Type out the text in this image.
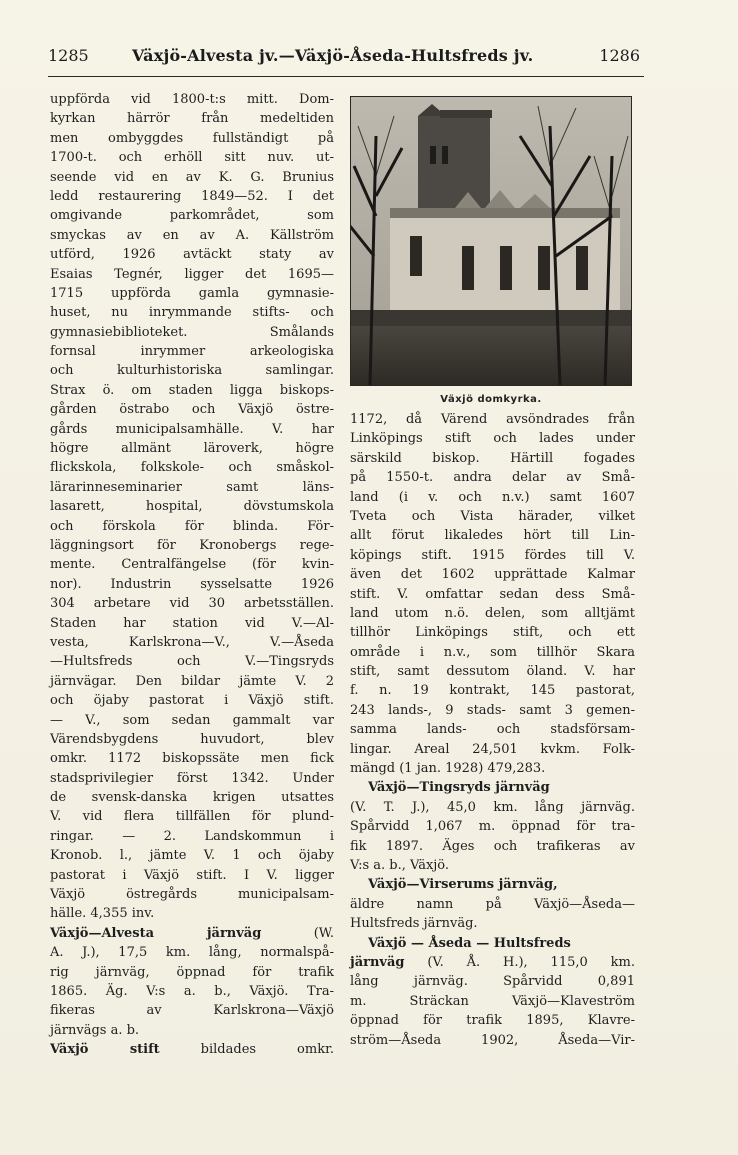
1285	Växjö-Alvesta jv.—Växjö-Åseda-Hultsfreds jv.	1286
uppförda vid 1800-t:s mitt. Dom-
kyrkan härrör från medeltiden
men ombyggdes fullständigt på
1700-t. och erhöll sitt nuv. ut-
seende vid en av K. G. Brunius
ledd restaurering 1849—52. I det
omgivande parkområdet, som
smyckas av en av A. Källström
utförd, 1926 avtäckt staty av
Esaias Tegnér, ligger det 1695—
1715 uppförda gamla gymnasie-
huset, nu inrymmande stifts- och
gymnasiebiblioteket. Smålands
fornsal inrymmer arkeologiska
och kulturhistoriska samlingar.
Strax ö. om staden ligga biskops-
gården östrabo och Växjö östre-
gårds municipalsamhälle. V. har
högre allmänt läroverk, högre
flickskola, folkskole- och småskol-
lärarinneseminarier samt läns-
lasarett, hospital, dövstumskola
och förskola för blinda. För-
läggningsort för Kronobergs rege-
mente. Centralfängelse (för kvin-
nor). Industrin sysselsatte 1926
304 arbetare vid 30 arbetsställen.
Staden har station vid V.—Al-
vesta, Karlskrona—V., V.—Åseda
—Hultsfreds och V.—Tingsryds
järnvägar. Den bildar jämte V. 2
och öjaby pastorat i Växjö stift.
— V., som sedan gammalt var
Värendsbygdens huvudort, blev
omkr. 1172 biskopssäte men fick
stadsprivilegier först 1342. Under
de svensk-danska krigen utsattes
V. vid flera tillfällen för plund-
ringar. — 2. Landskommun i
Kronob. l., jämte V. 1 och öjaby
pastorat i Växjö stift. I V. ligger
Växjö östregårds municipalsam-
hälle. 4,355 inv.
Växjö—Alvesta järnväg (W.
A. J.), 17,5 km. lång, normalspå-
rig järnväg, öppnad för trafik
1865. Äg. V:s a. b., Växjö. Tra-
fikeras av Karlskrona—Växjö
järnvägs a. b.
Växjö stift bildades omkr.
Växjö domkyrka.
1172, då Värend avsöndrades från
Linköpings stift och lades under
särskild biskop. Härtill fogades
på 1550-t. andra delar av Små-
land (i v. och n.v.) samt 1607
Tveta och Vista härader, vilket
allt förut likaledes hört till Lin-
köpings stift. 1915 fördes till V.
även det 1602 upprättade Kalmar
stift. V. omfattar sedan dess Små-
land utom n.ö. delen, som alltjämt
tillhör Linköpings stift, och ett
område i n.v., som tillhör Skara
stift, samt dessutom öland. V. har
f. n. 19 kontrakt, 145 pastorat,
243 lands-, 9 stads- samt 3 gemen-
samma lands- och stadsförsam-
lingar. Areal 24,501 kvkm. Folk-
mängd (1 jan. 1928) 479,283.
Växjö—Tingsryds järnväg
(V. T. J.), 45,0 km. lång järnväg.
Spårvidd 1,067 m. öppnad för tra-
fik 1897. Äges och trafikeras av
V:s a. b., Växjö.
Växjö—Virserums järnväg,
äldre namn på Växjö—Åseda—
Hultsfreds järnväg.
Växjö — Åseda — Hultsfreds
järnväg (V. Å. H.), 115,0 km.
lång järnväg. Spårvidd 0,891
m. Sträckan Växjö—Klaveström
öppnad för trafik 1895, Klavre-
ström—Åseda 1902, Åseda—Vir-
